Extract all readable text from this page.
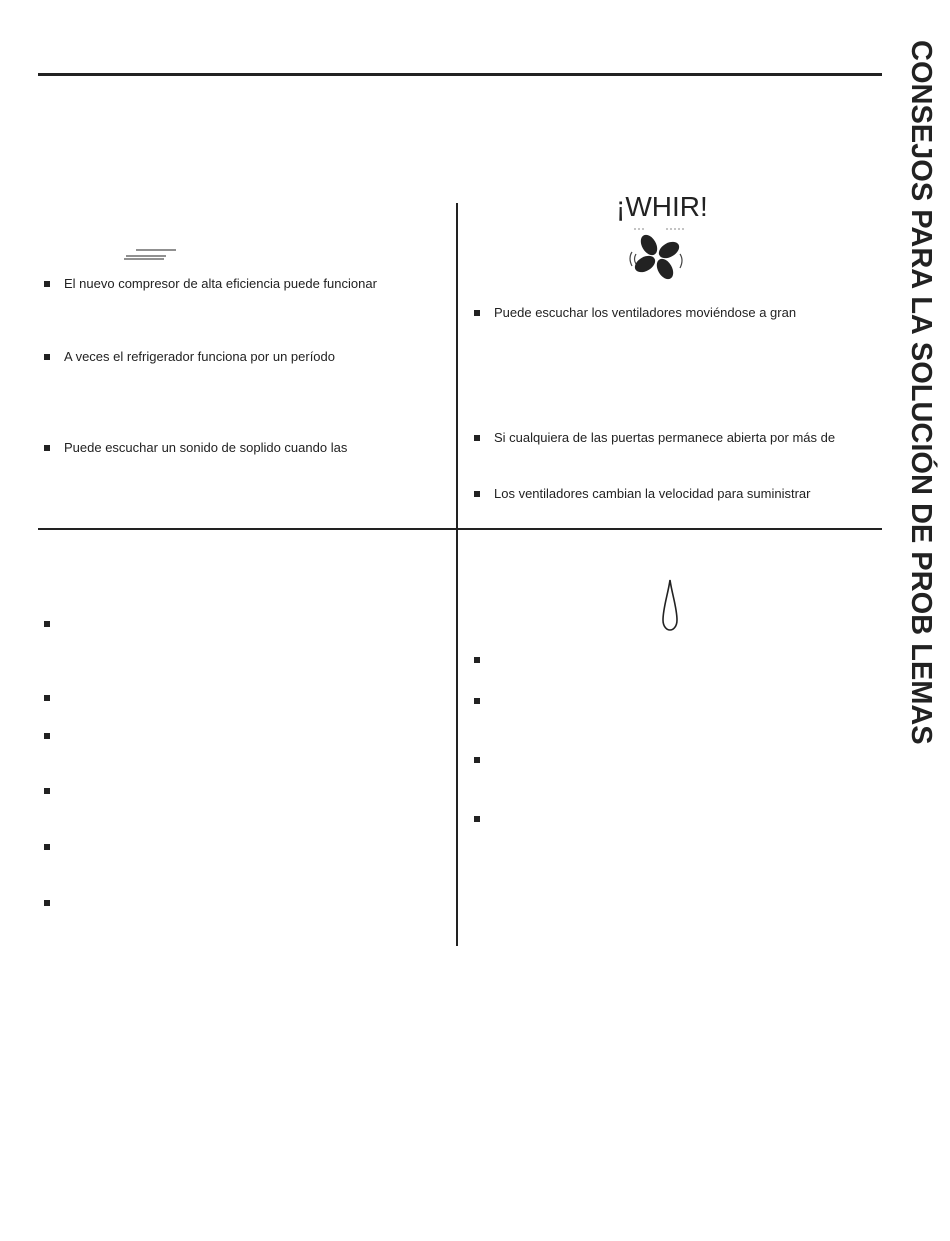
CONSEJOS PARA LA SOLUCIÓN DE PROB LEMAS
¡WHIR!
El nuevo compresor de alta eficiencia puede funcionar
A veces el refrigerador funciona por un período
Puede escuchar un sonido de soplido cuando las
Puede escuchar los ventiladores moviéndose a gran
Si cualquiera de las puertas permanece abierta por más de
Los ventiladores cambian la velocidad para suministrar
